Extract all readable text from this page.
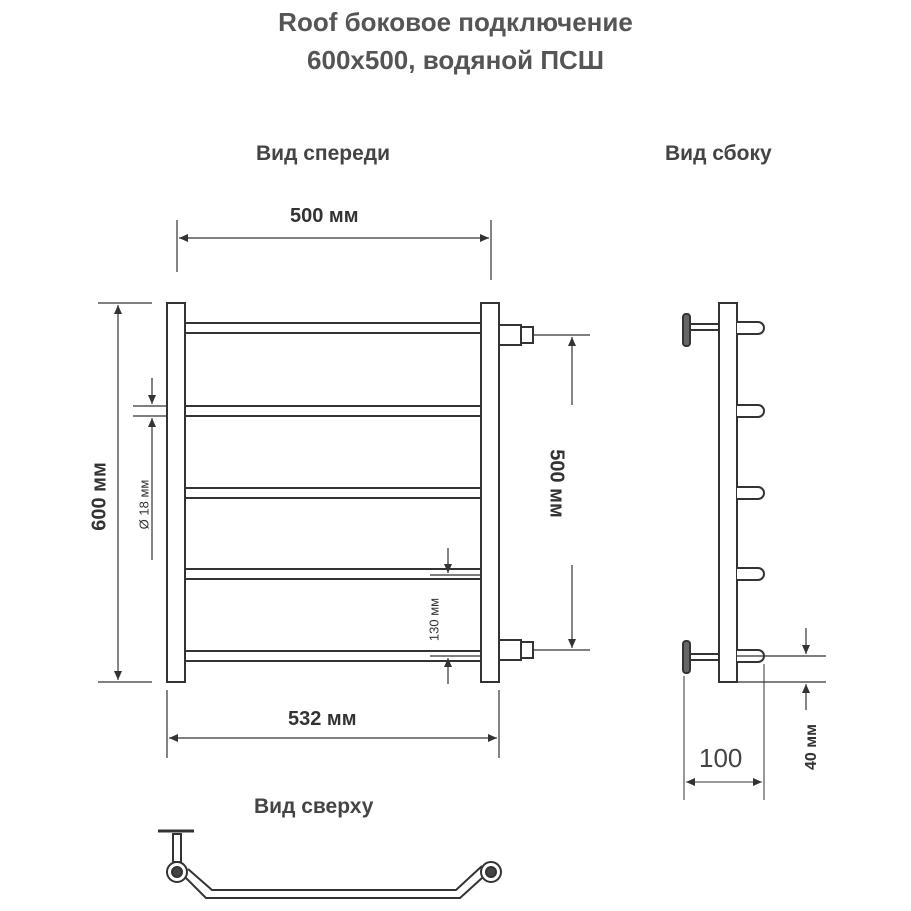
Roof боковое подключение
600x500, водяной ПСШ
Вид спереди	Вид сбоку
Вид сверху
500 мм
600 мм Ø 18 мм	500 мм
130 мм
532 мм
100	40 мм
